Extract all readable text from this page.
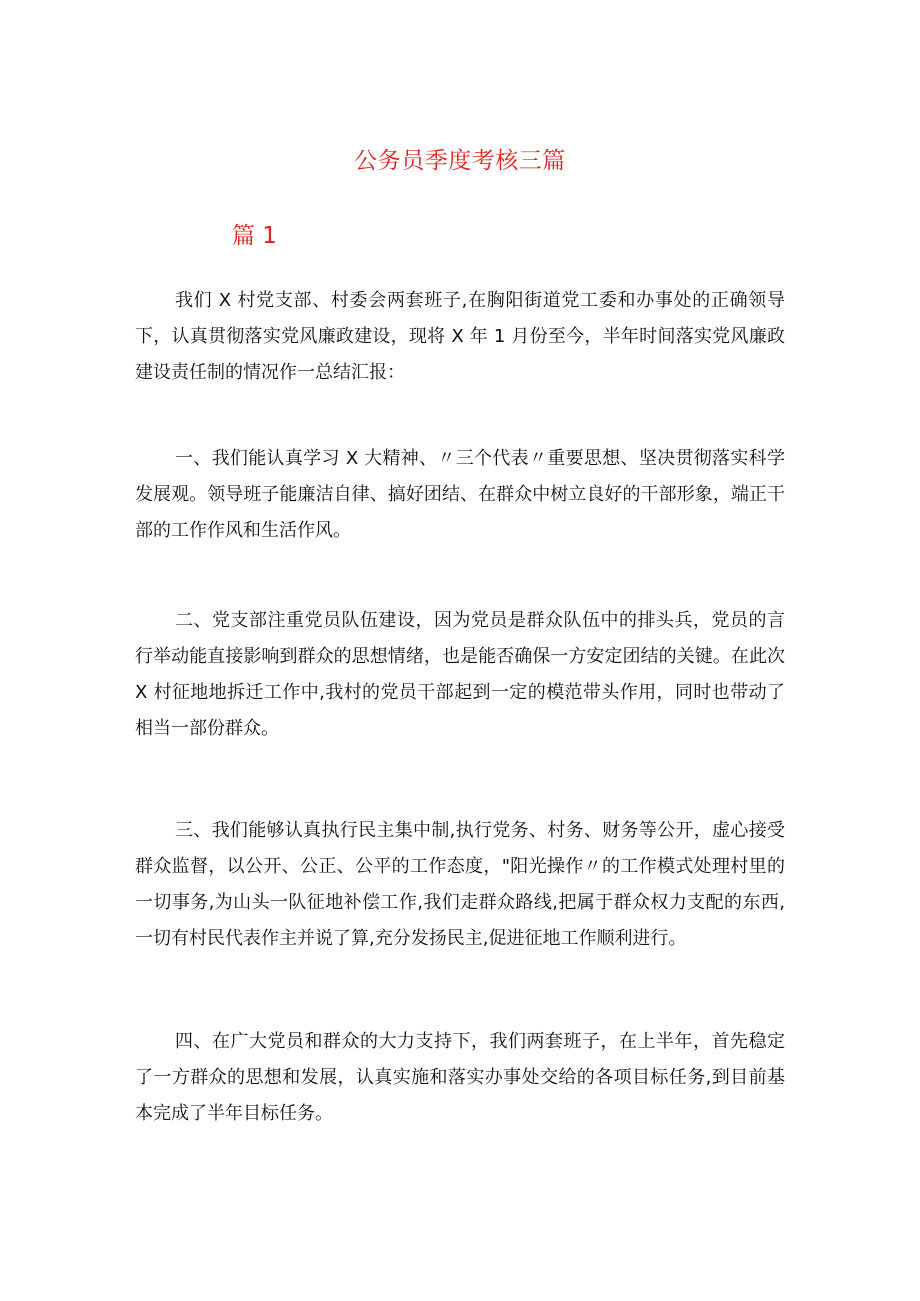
公务员季度考核三篇
篇 1

我们 X 村党支部、村委会两套班子,在胸阳街道党工委和办事处的正确领导下，认真贯彻落实党风廉政建设，现将 X 年 1 月份至今，半年时间落实党风廉政建设责任制的情况作一总结汇报：

一、我们能认真学习 X 大精神、〃三个代表〃重要思想、坚决贯彻落实科学发展观。领导班子能廉洁自律、搞好团结、在群众中树立良好的干部形象，端正干部的工作作风和生活作风。

二、党支部注重党员队伍建设，因为党员是群众队伍中的排头兵，党员的言行举动能直接影响到群众的思想情绪，也是能否确保一方安定团结的关键。在此次 X 村征地地拆迁工作中,我村的党员干部起到一定的模范带头作用，同时也带动了相当一部份群众。

三、我们能够认真执行民主集中制,执行党务、村务、财务等公开，虚心接受群众监督，以公开、公正、公平的工作态度，"阳光操作〃的工作模式处理村里的一切事务,为山头一队征地补偿工作,我们走群众路线,把属于群众权力支配的东西,一切有村民代表作主并说了算,充分发扬民主,促进征地工作顺利进行。

四、在广大党员和群众的大力支持下，我们两套班子，在上半年，首先稳定了一方群众的思想和发展，认真实施和落实办事处交给的各项目标任务,到目前基本完成了半年目标任务。
